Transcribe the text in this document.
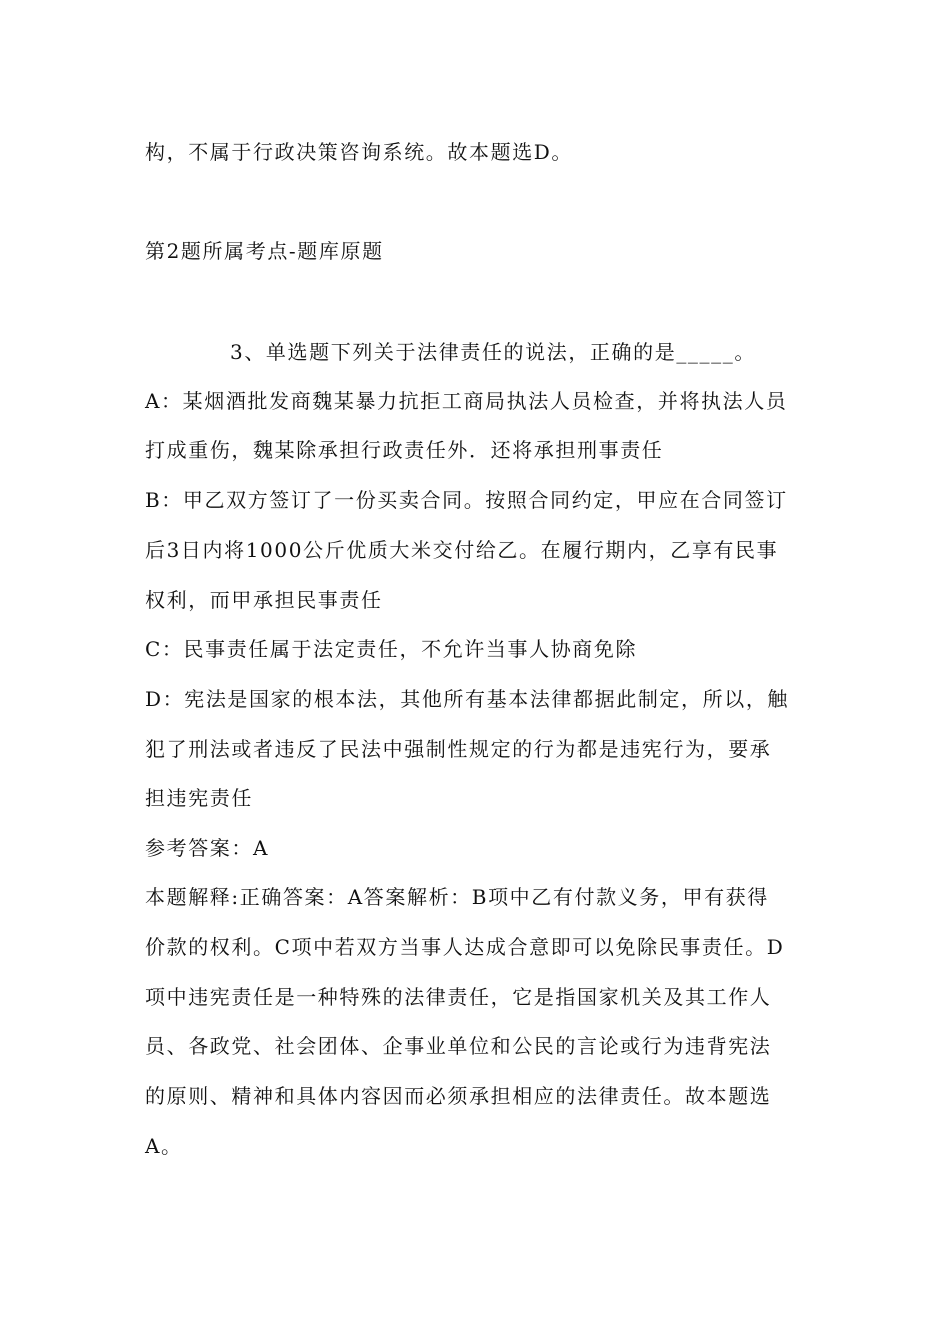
构，不属于行政决策咨询系统。故本题选D。
第2题所属考点-题库原题
3、单选题下列关于法律责任的说法，正确的是_____。
A：某烟酒批发商魏某暴力抗拒工商局执法人员检查，并将执法人员
打成重伤，魏某除承担行政责任外．还将承担刑事责任
B：甲乙双方签订了一份买卖合同。按照合同约定，甲应在合同签订
后3日内将1000公斤优质大米交付给乙。在履行期内，乙享有民事
权利，而甲承担民事责任
C：民事责任属于法定责任，不允许当事人协商免除
D：宪法是国家的根本法，其他所有基本法律都据此制定，所以，触
犯了刑法或者违反了民法中强制性规定的行为都是违宪行为，要承
担违宪责任
参考答案：A
本题解释:正确答案：A答案解析：B项中乙有付款义务，甲有获得
价款的权利。C项中若双方当事人达成合意即可以免除民事责任。D
项中违宪责任是一种特殊的法律责任，它是指国家机关及其工作人
员、各政党、社会团体、企事业单位和公民的言论或行为违背宪法
的原则、精神和具体内容因而必须承担相应的法律责任。故本题选
A。
